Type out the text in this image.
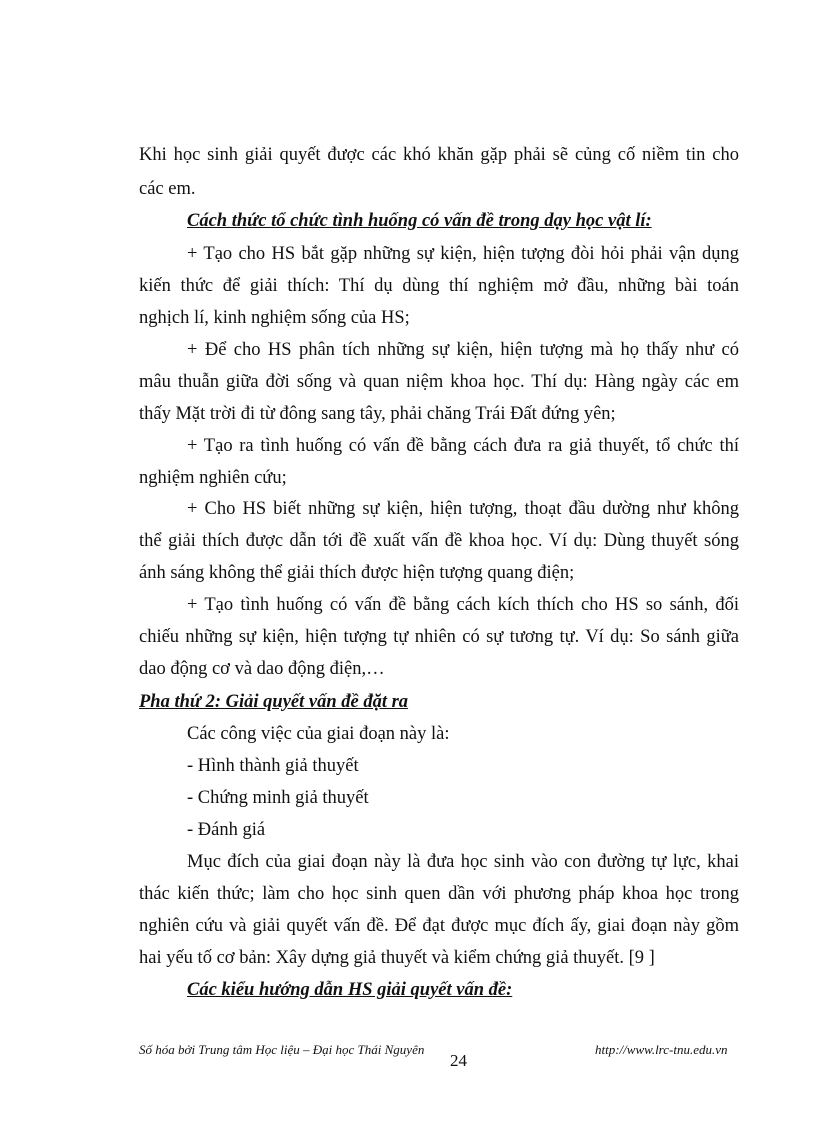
Khi học sinh giải quyết được các khó khăn gặp phải sẽ củng cố niềm tin cho
các em.
Cách thức tổ chức tình huống có vấn đề trong dạy học vật lí:
+ Tạo cho HS bắt gặp những sự kiện, hiện tượng đòi hỏi phải vận dụng
kiến thức để giải thích: Thí dụ dùng thí nghiệm mở đầu, những bài toán
nghịch lí, kinh nghiệm sống của HS;
+ Để cho HS phân tích những sự kiện, hiện tượng mà họ thấy như có
mâu thuẫn giữa đời sống và quan niệm khoa học. Thí dụ: Hàng ngày các em
thấy Mặt trời đi từ đông sang tây, phải chăng Trái Đất đứng yên;
+ Tạo ra tình huống có vấn đề bằng cách đưa ra giả thuyết, tổ chức thí
nghiệm nghiên cứu;
+ Cho HS biết những sự kiện, hiện tượng, thoạt đầu dường như không
thể giải thích được dẫn tới đề xuất vấn đề khoa học. Ví dụ: Dùng thuyết sóng
ánh sáng không thể giải thích được hiện tượng quang điện;
+ Tạo tình huống có vấn đề bằng cách kích thích cho HS so sánh, đối
chiếu những sự kiện, hiện tượng tự nhiên có sự tương tự. Ví dụ: So sánh giữa
dao động cơ và dao động điện,…
Pha thứ 2: Giải quyết vấn đề đặt ra
Các công việc của giai đoạn này là:
- Hình thành giả thuyết
- Chứng minh giả thuyết
- Đánh giá
Mục đích của giai đoạn này là đưa học sinh vào con đường tự lực, khai
thác kiến thức; làm cho học sinh quen dần với phương pháp khoa học trong
nghiên cứu và giải quyết vấn đề. Để đạt được mục đích ấy, giai đoạn này gồm
hai yếu tố cơ bản: Xây dựng giả thuyết và kiểm chứng giả thuyết. [9 ]
Các kiểu hướng dẫn HS giải quyết vấn đề:
Số hóa bởi Trung tâm Học liệu – Đại học Thái Nguyên
24
http://www.lrc-tnu.edu.vn
